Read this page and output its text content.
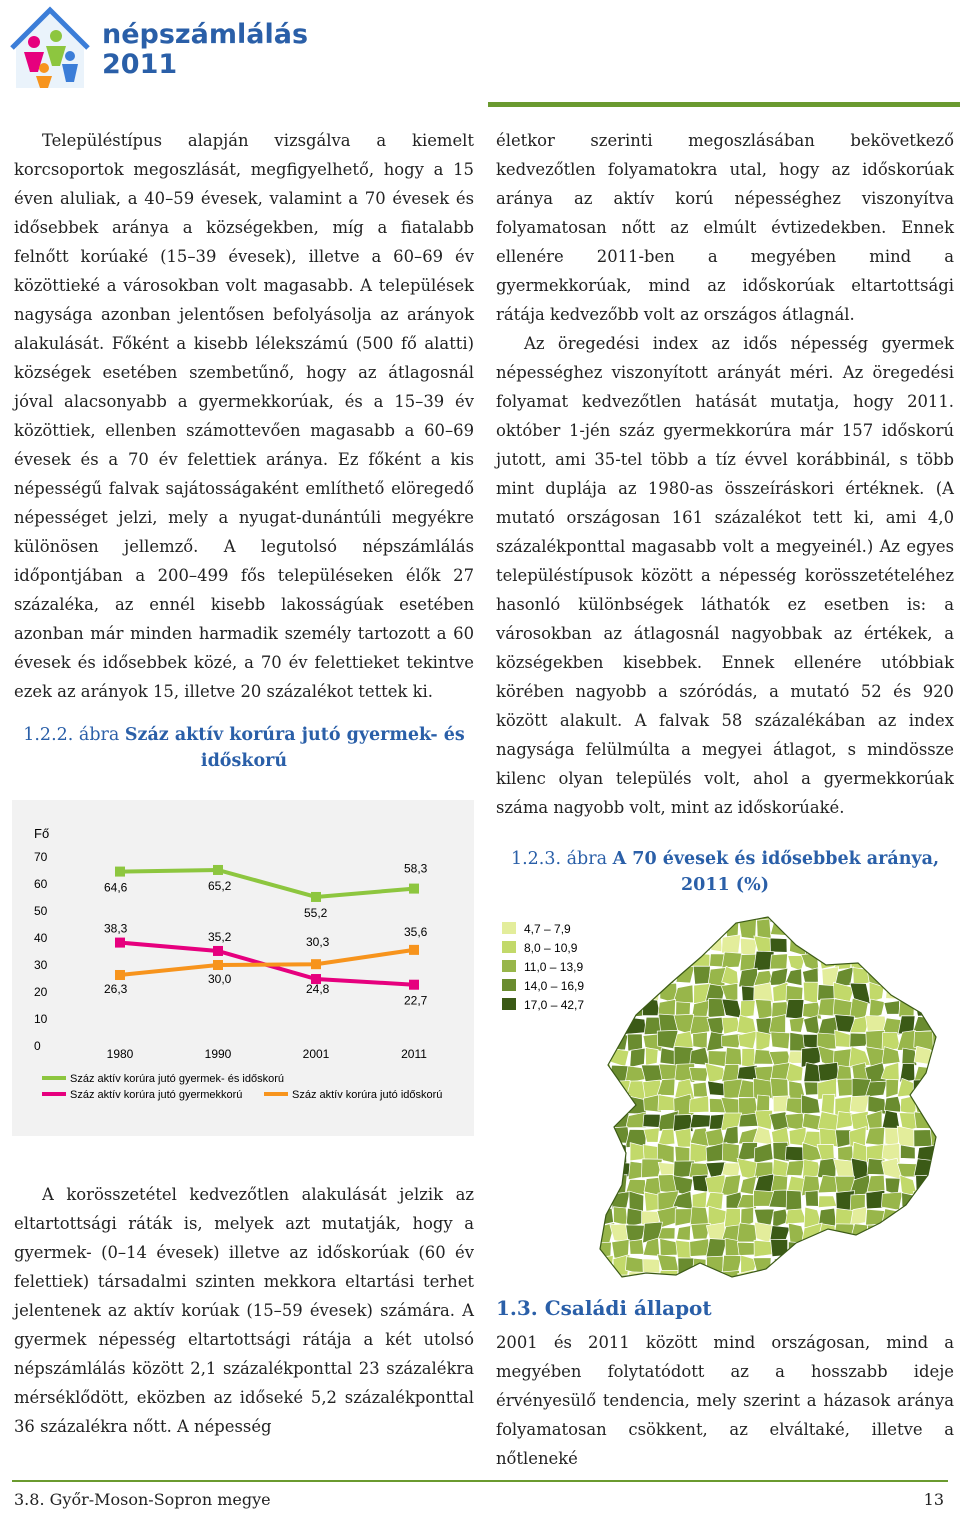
népszámlálás
2011

Településtípus alapján vizsgálva a kiemelt korcsoportok megoszlását, megfigyelhető, hogy a 15 éven aluliak, a 40–59 évesek, valamint a 70 évesek és idősebbek aránya a községekben, míg a fiatalabb felnőtt korúaké (15–39 évesek), illetve a 60–69 év közöttieké a városokban volt magasabb. A települések nagysága azonban jelentősen befolyásolja az arányok alakulását. Főként a kisebb lélekszámú (500 fő alatti) községek esetében szembetűnő, hogy az átlagosnál jóval alacsonyabb a gyermekkorúak, és a 15–39 év közöttiek, ellenben számottevően magasabb a 60–69 évesek és a 70 év felettiek aránya. Ez főként a kis népességű falvak sajátosságaként említhető elöregedő népességet jelzi, mely a nyugat-dunántúli megyékre különösen jellemző. A legutolsó népszámlálás időpontjában a 200–499 fős településeken élők 27 százaléka, az ennél kisebb lakosságúak esetében azonban már minden harmadik személy tartozott a 60 évesek és idősebbek közé, a 70 év felettieket tekintve ezek az arányok 15, illetve 20 százalékot tettek ki.

1.2.2. ábra Száz aktív korúra jutó gyermek- és időskorú
Fő
0
10
20
30
40
50
60
70
1980	1990	2001	2011
64,6	65,2
55,2
58,3
38,3
35,2
24,8
22,7
26,3
30,0
30,3
35,6
Száz aktív korúra jutó gyermek- és időskorú
Száz aktív korúra jutó gyermekkorú	Száz aktív korúra jutó időskorú

A korösszetétel kedvezőtlen alakulását jelzik az eltartottsági ráták is, melyek azt mutatják, hogy a gyermek- (0–14 évesek) illetve az időskorúak (60 év felettiek) társadalmi szinten mekkora eltartási terhet jelentenek az aktív korúak (15–59 évesek) számára. A gyermek népesség eltartottsági rátája a két utolsó népszámlálás között 2,1 százalékponttal 23 százalékra mérséklődött, eközben az időseké 5,2 százalékponttal 36 százalékra nőtt. A népesség

életkor szerinti megoszlásában bekövetkező kedvezőtlen folyamatokra utal, hogy az időskorúak aránya az aktív korú népességhez viszonyítva folyamatosan nőtt az elmúlt évtizedekben. Ennek ellenére 2011-ben a megyében mind a gyermekkorúak, mind az időskorúak eltartottsági rátája kedvezőbb volt az országos átlagnál.

Az öregedési index az idős népesség gyermek népességhez viszonyított arányát méri. Az öregedési folyamat kedvezőtlen hatását mutatja, hogy 2011. október 1-jén száz gyermekkorúra már 157 időskorú jutott, ami 35-tel több a tíz évvel korábbinál, s több mint duplája az 1980-as összeíráskori értéknek. (A mutató országosan 161 százalékot tett ki, ami 4,0 százalékponttal magasabb volt a megyeinél.) Az egyes településtípusok között a népesség korösszetételéhez hasonló különbségek láthatók ez esetben is: a városokban az átlagosnál nagyobbak az értékek, a községekben kisebbek. Ennek ellenére utóbbiak körében nagyobb a szóródás, a mutató 52 és 920 között alakult. A falvak 58 százalékában az index nagysága felülmúlta a megyei átlagot, s mindössze kilenc olyan település volt, ahol a gyermekkorúak száma nagyobb volt, mint az időskorúaké.

1.2.3. ábra A 70 évesek és idősebbek aránya, 2011 (%)
4,7 – 7,9
8,0 – 10,9
11,0 – 13,9
14,0 – 16,9
17,0 – 42,7
1.3. Családi állapot

2001 és 2011 között mind országosan, mind a megyében folytatódott az a hosszabb ideje érvényesülő tendencia, mely szerint a házasok aránya folyamatosan csökkent, az elváltaké, illetve a nőtleneké

3.8. Győr-Moson-Sopron megye	13
